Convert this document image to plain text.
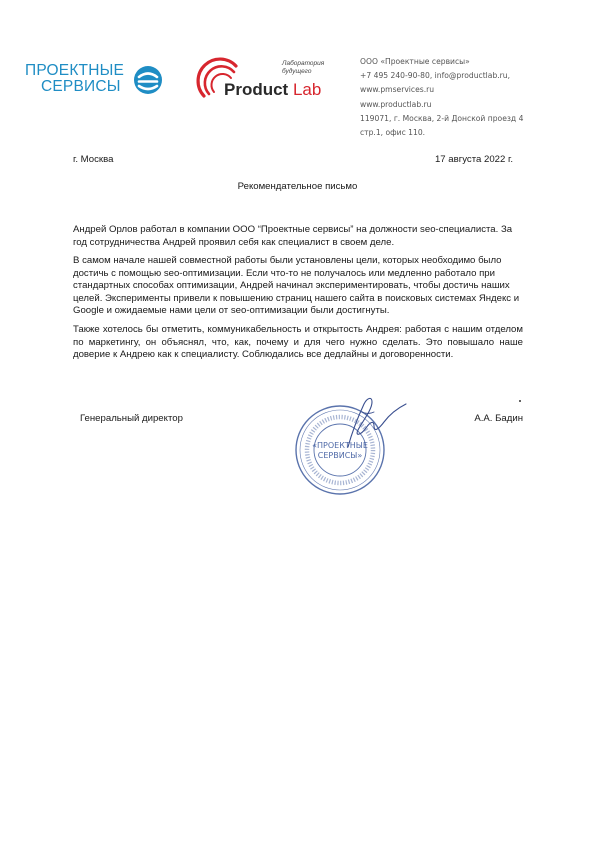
ПРОЕКТНЫЕ
СЕРВИСЫ
Лаборатория
будущего
Product Lab
ООО «Проектные сервисы»
+7 495 240-90-80, info@productlab.ru,
www.pmservices.ru
www.productlab.ru
119071, г. Москва, 2-й Донской проезд 4
стр.1, офис 110.
г. Москва	17 августа 2022 г.
Рекомендательное письмо

Андрей Орлов работал в компании ООО “Проектные сервисы” на должности seo-специалиста. За год сотрудничества Андрей проявил себя как специалист в своем деле.

В самом начале нашей совместной работы были установлены цели, которых необходимо было достичь с помощью seo-оптимизации. Если что-то не получалось или медленно работало при стандартных способах оптимизации, Андрей начинал экспериментировать, чтобы достичь наших целей. Эксперименты привели к повышению страниц нашего сайта в поисковых системах Яндекс и Google и ожидаемые нами цели от seo-оптимизации были достигнуты.

Также хотелось бы отметить, коммуникабельность и открытость Андрея: работая с нашим отделом по маркетингу, он объяснял, что, как, почему и для чего нужно сделать. Это повышало наше доверие к Андрею как к специалисту. Соблюдались все дедлайны и договоренности.

«ПРОЕКТНЫЕ
СЕРВИСЫ»
Генеральный директор	А.А. Бадин
